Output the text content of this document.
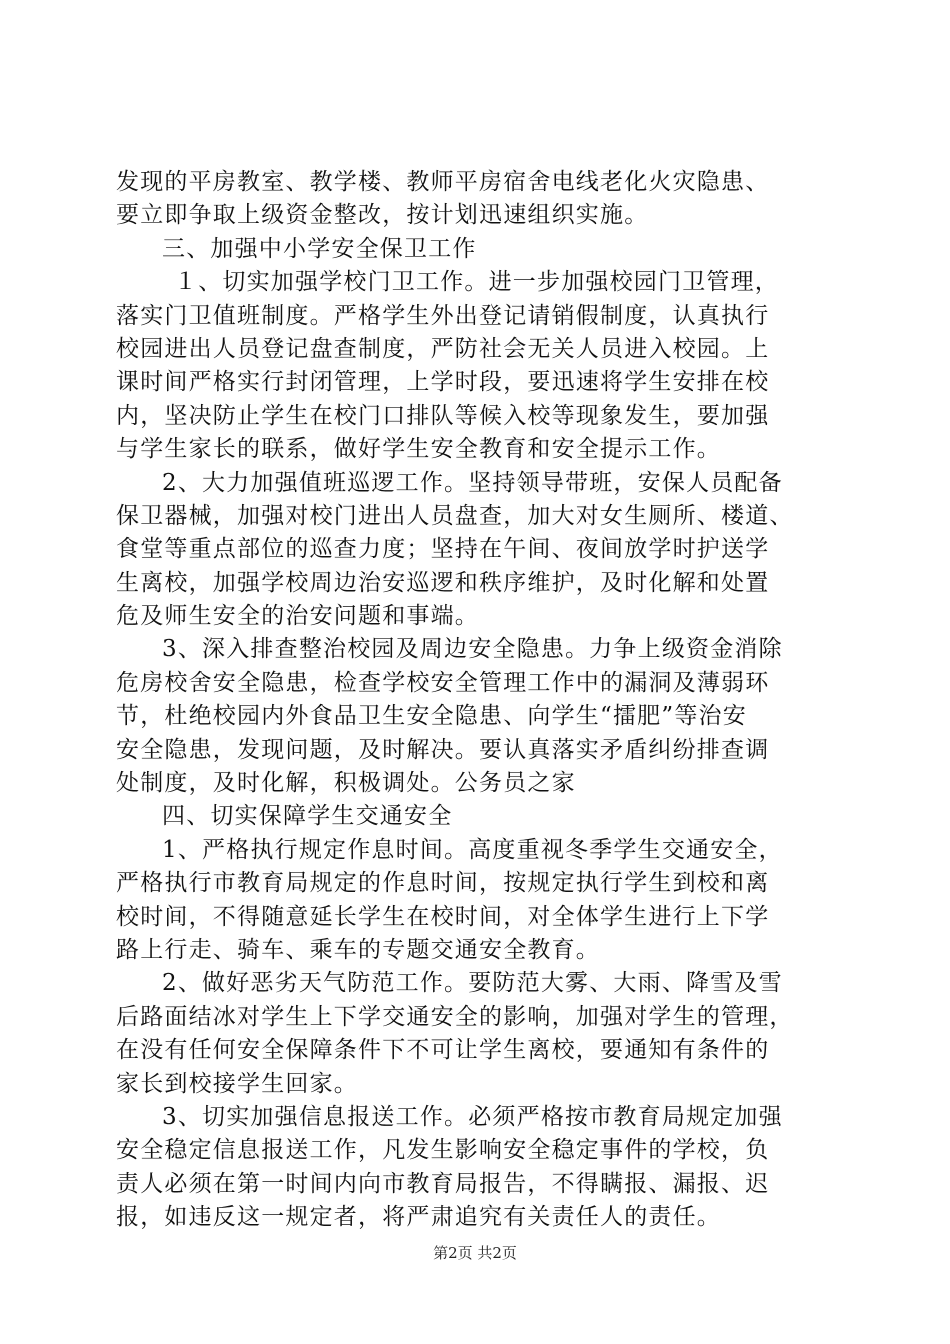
发现的平房教室、教学楼、教师平房宿舍电线老化火灾隐患、
要立即争取上级资金整改，按计划迅速组织实施。
三、加强中小学安全保卫工作
１、切实加强学校门卫工作。进一步加强校园门卫管理，
落实门卫值班制度。严格学生外出登记请销假制度，认真执行
校园进出人员登记盘查制度，严防社会无关人员进入校园。上
课时间严格实行封闭管理，上学时段，要迅速将学生安排在校
内，坚决防止学生在校门口排队等候入校等现象发生，要加强
与学生家长的联系，做好学生安全教育和安全提示工作。
2、大力加强值班巡逻工作。坚持领导带班，安保人员配备
保卫器械，加强对校门进出人员盘查，加大对女生厕所、楼道、
食堂等重点部位的巡查力度；坚持在午间、夜间放学时护送学
生离校，加强学校周边治安巡逻和秩序维护，及时化解和处置
危及师生安全的治安问题和事端。
3、深入排查整治校园及周边安全隐患。力争上级资金消除
危房校舍安全隐患，检查学校安全管理工作中的漏洞及薄弱环
节，杜绝校园内外食品卫生安全隐患、向学生“擂肥”等治安
安全隐患，发现问题，及时解决。要认真落实矛盾纠纷排查调
处制度，及时化解，积极调处。公务员之家
四、切实保障学生交通安全
1、严格执行规定作息时间。高度重视冬季学生交通安全，
严格执行市教育局规定的作息时间，按规定执行学生到校和离
校时间，不得随意延长学生在校时间，对全体学生进行上下学
路上行走、骑车、乘车的专题交通安全教育。
2、做好恶劣天气防范工作。要防范大雾、大雨、降雪及雪
后路面结冰对学生上下学交通安全的影响，加强对学生的管理，
在没有任何安全保障条件下不可让学生离校，要通知有条件的
家长到校接学生回家。
3、切实加强信息报送工作。必须严格按市教育局规定加强
安全稳定信息报送工作，凡发生影响安全稳定事件的学校，负
责人必须在第一时间内向市教育局报告，不得瞒报、漏报、迟
报，如违反这一规定者，将严肃追究有关责任人的责任。
第2页 共2页
